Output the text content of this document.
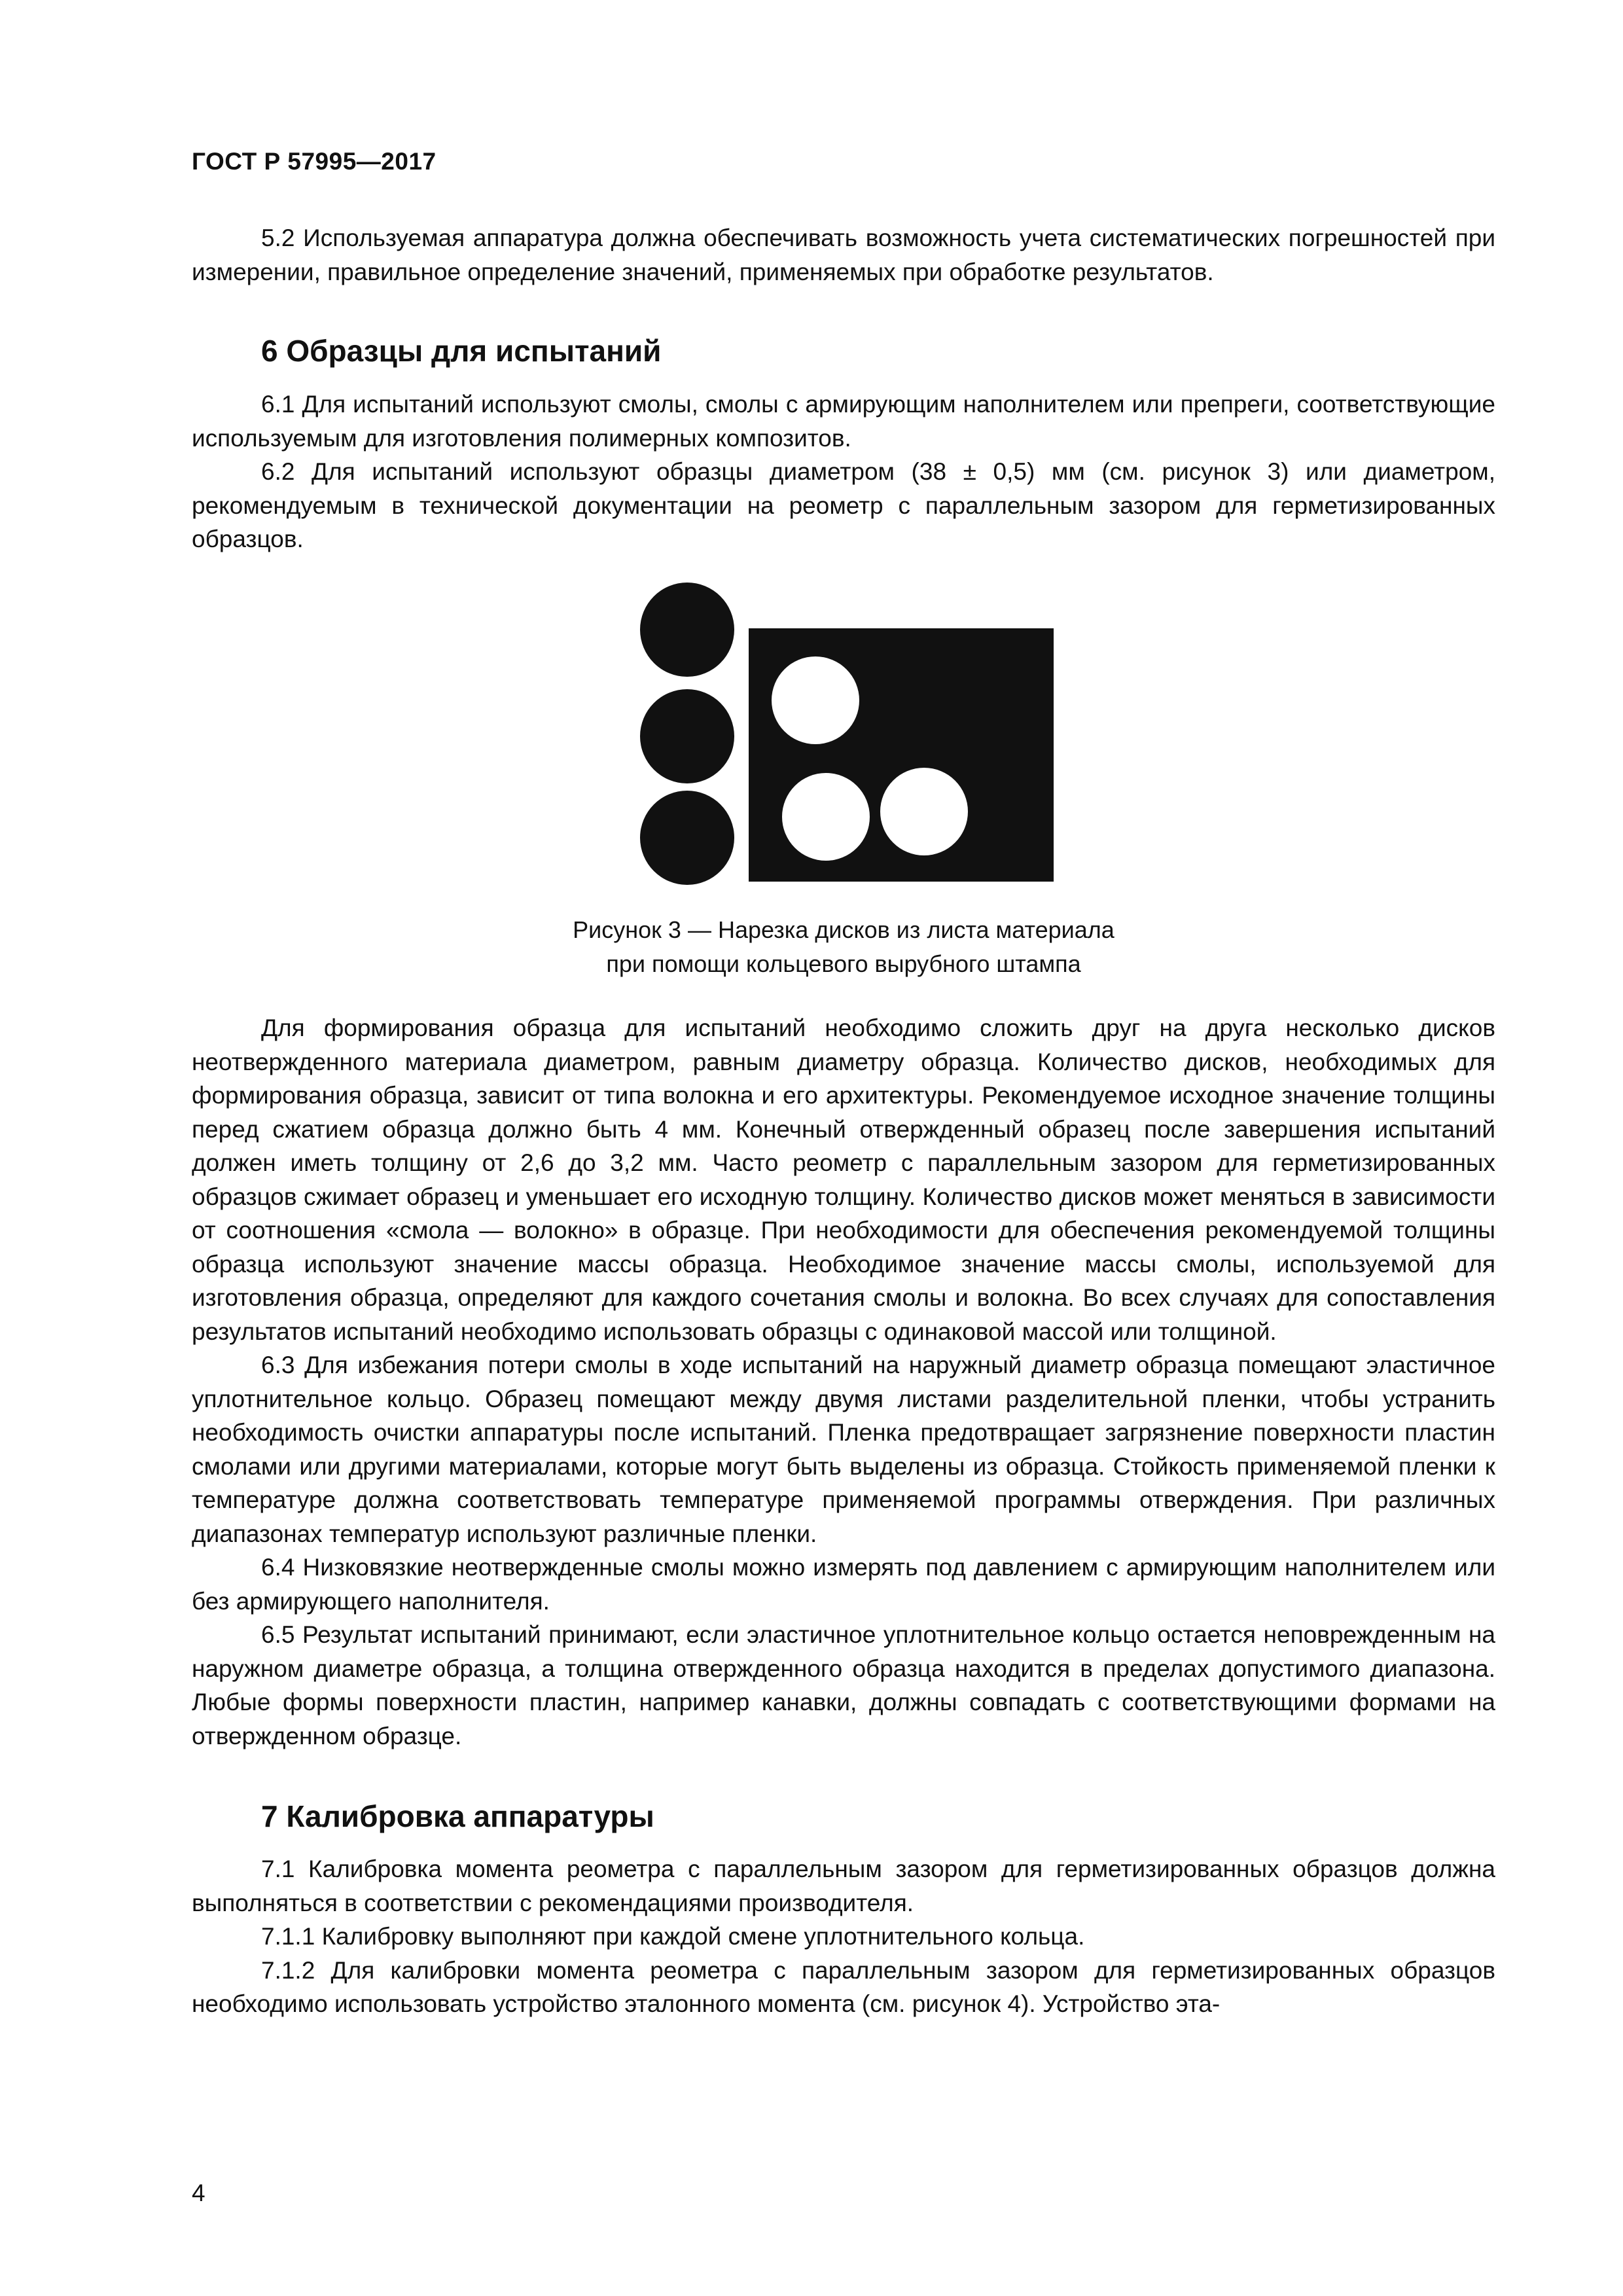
ГОСТ Р 57995—2017

5.2 Используемая аппаратура должна обеспечивать возможность учета систематических погрешностей при измерении, правильное определение значений, применяемых при обработке результатов.

6 Образцы для испытаний

6.1 Для испытаний используют смолы, смолы с армирующим наполнителем или препреги, соответствующие используемым для изготовления полимерных композитов.

6.2 Для испытаний используют образцы диаметром (38 ± 0,5) мм (см. рисунок 3) или диаметром, рекомендуемым в технической документации на реометр с параллельным зазором для герметизированных образцов.

Рисунок 3 — Нарезка дисков из листа материала
при помощи кольцевого вырубного штампа

Для формирования образца для испытаний необходимо сложить друг на друга несколько дисков неотвержденного материала диаметром, равным диаметру образца. Количество дисков, необходимых для формирования образца, зависит от типа волокна и его архитектуры. Рекомендуемое исходное значение толщины перед сжатием образца должно быть 4 мм. Конечный отвержденный образец после завершения испытаний должен иметь толщину от 2,6 до 3,2 мм. Часто реометр с параллельным зазором для герметизированных образцов сжимает образец и уменьшает его исходную толщину. Количество дисков может меняться в зависимости от соотношения «смола — волокно» в образце. При необходимости для обеспечения рекомендуемой толщины образца используют значение массы образца. Необходимое значение массы смолы, используемой для изготовления образца, определяют для каждого сочетания смолы и волокна. Во всех случаях для сопоставления результатов испытаний необходимо использовать образцы с одинаковой массой или толщиной.

6.3 Для избежания потери смолы в ходе испытаний на наружный диаметр образца помещают эластичное уплотнительное кольцо. Образец помещают между двумя листами разделительной пленки, чтобы устранить необходимость очистки аппаратуры после испытаний. Пленка предотвращает загрязнение поверхности пластин смолами или другими материалами, которые могут быть выделены из образца. Стойкость применяемой пленки к температуре должна соответствовать температуре применяемой программы отверждения. При различных диапазонах температур используют различные пленки.

6.4 Низковязкие неотвержденные смолы можно измерять под давлением с армирующим наполнителем или без армирующего наполнителя.

6.5 Результат испытаний принимают, если эластичное уплотнительное кольцо остается неповрежденным на наружном диаметре образца, а толщина отвержденного образца находится в пределах допустимого диапазона. Любые формы поверхности пластин, например канавки, должны совпадать с соответствующими формами на отвержденном образце.

7 Калибровка аппаратуры

7.1 Калибровка момента реометра с параллельным зазором для герметизированных образцов должна выполняться в соответствии с рекомендациями производителя.

7.1.1 Калибровку выполняют при каждой смене уплотнительного кольца.

7.1.2 Для калибровки момента реометра с параллельным зазором для герметизированных образцов необходимо использовать устройство эталонного момента (см. рисунок 4). Устройство эта-

4
